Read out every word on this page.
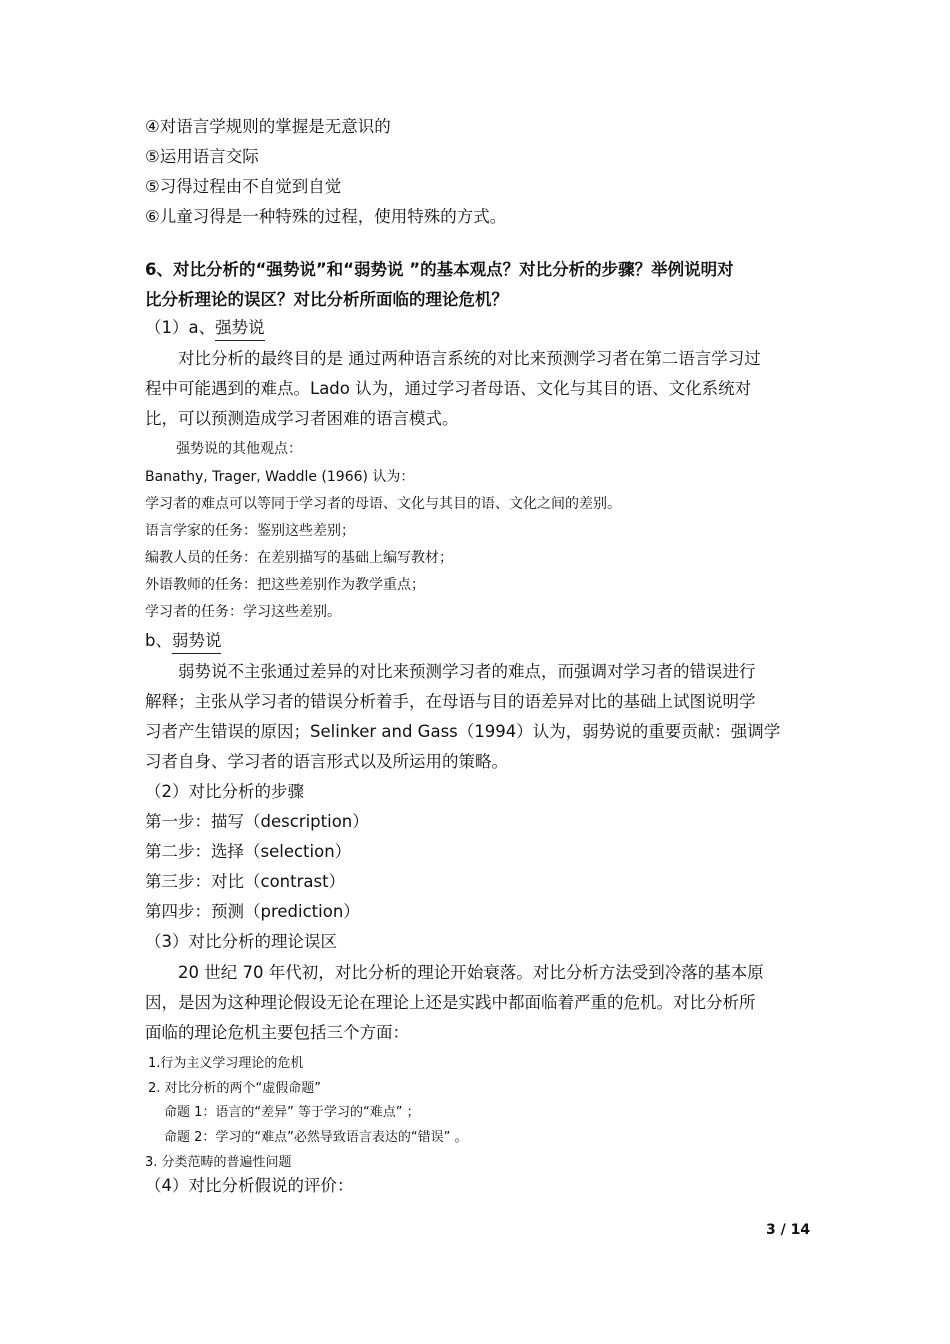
④对语言学规则的掌握是无意识的
⑤运用语言交际
⑤习得过程由不自觉到自觉
⑥儿童习得是一种特殊的过程，使用特殊的方式。
6、对比分析的“强势说”和“弱势说 ”的基本观点？对比分析的步骤？举例说明对
比分析理论的误区？对比分析所面临的理论危机？
（1）a、强势说
对比分析的最终目的是 通过两种语言系统的对比来预测学习者在第二语言学习过
程中可能遇到的难点。Lado 认为，通过学习者母语、文化与其目的语、文化系统对
比，可以预测造成学习者困难的语言模式。
强势说的其他观点：
Banathy, Trager, Waddle (1966) 认为：
学习者的难点可以等同于学习者的母语、文化与其目的语、文化之间的差别。
语言学家的任务：鉴别这些差别；
编教人员的任务：在差别描写的基础上编写教材；
外语教师的任务：把这些差别作为教学重点；
学习者的任务：学习这些差别。
b、弱势说
弱势说不主张通过差异的对比来预测学习者的难点，而强调对学习者的错误进行
解释；主张从学习者的错误分析着手，在母语与目的语差异对比的基础上试图说明学
习者产生错误的原因；Selinker and Gass（1994）认为，弱势说的重要贡献：强调学
习者自身、学习者的语言形式以及所运用的策略。
（2）对比分析的步骤
第一步：描写（description）
第二步：选择（selection）
第三步：对比（contrast）
第四步：预测（prediction）
（3）对比分析的理论误区
20 世纪 70 年代初，对比分析的理论开始衰落。对比分析方法受到冷落的基本原
因，是因为这种理论假设无论在理论上还是实践中都面临着严重的危机。对比分析所
面临的理论危机主要包括三个方面：
1.行为主义学习理论的危机
2. 对比分析的两个“虚假命题”
命题 1：语言的“差异” 等于学习的“难点” ；
命题 2：学习的“难点”必然导致语言表达的“错误” 。
3. 分类范畴的普遍性问题
（4）对比分析假说的评价：
3 / 14
